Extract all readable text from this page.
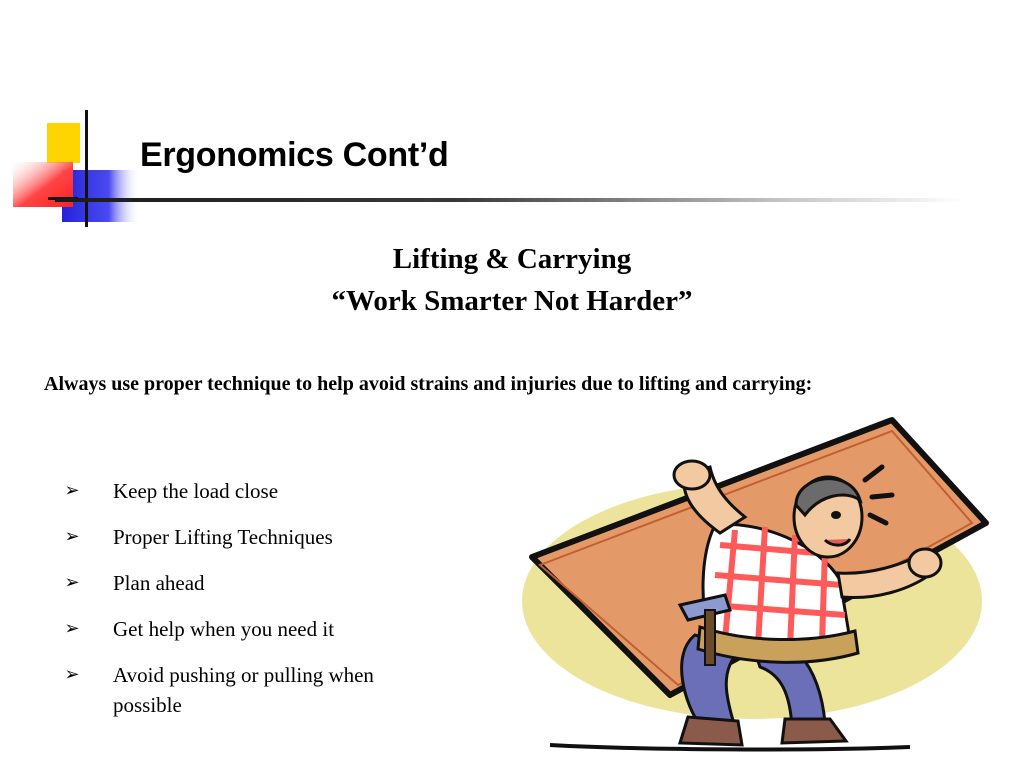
Ergonomics Cont’d
Lifting & Carrying
“Work Smarter Not Harder”

Always use proper technique to help avoid strains and injuries due to lifting and carrying:

➢ Keep the load close
➢ Proper Lifting Techniques
➢ Plan ahead
➢ Get help when you need it
➢ Avoid pushing or pulling when possible
